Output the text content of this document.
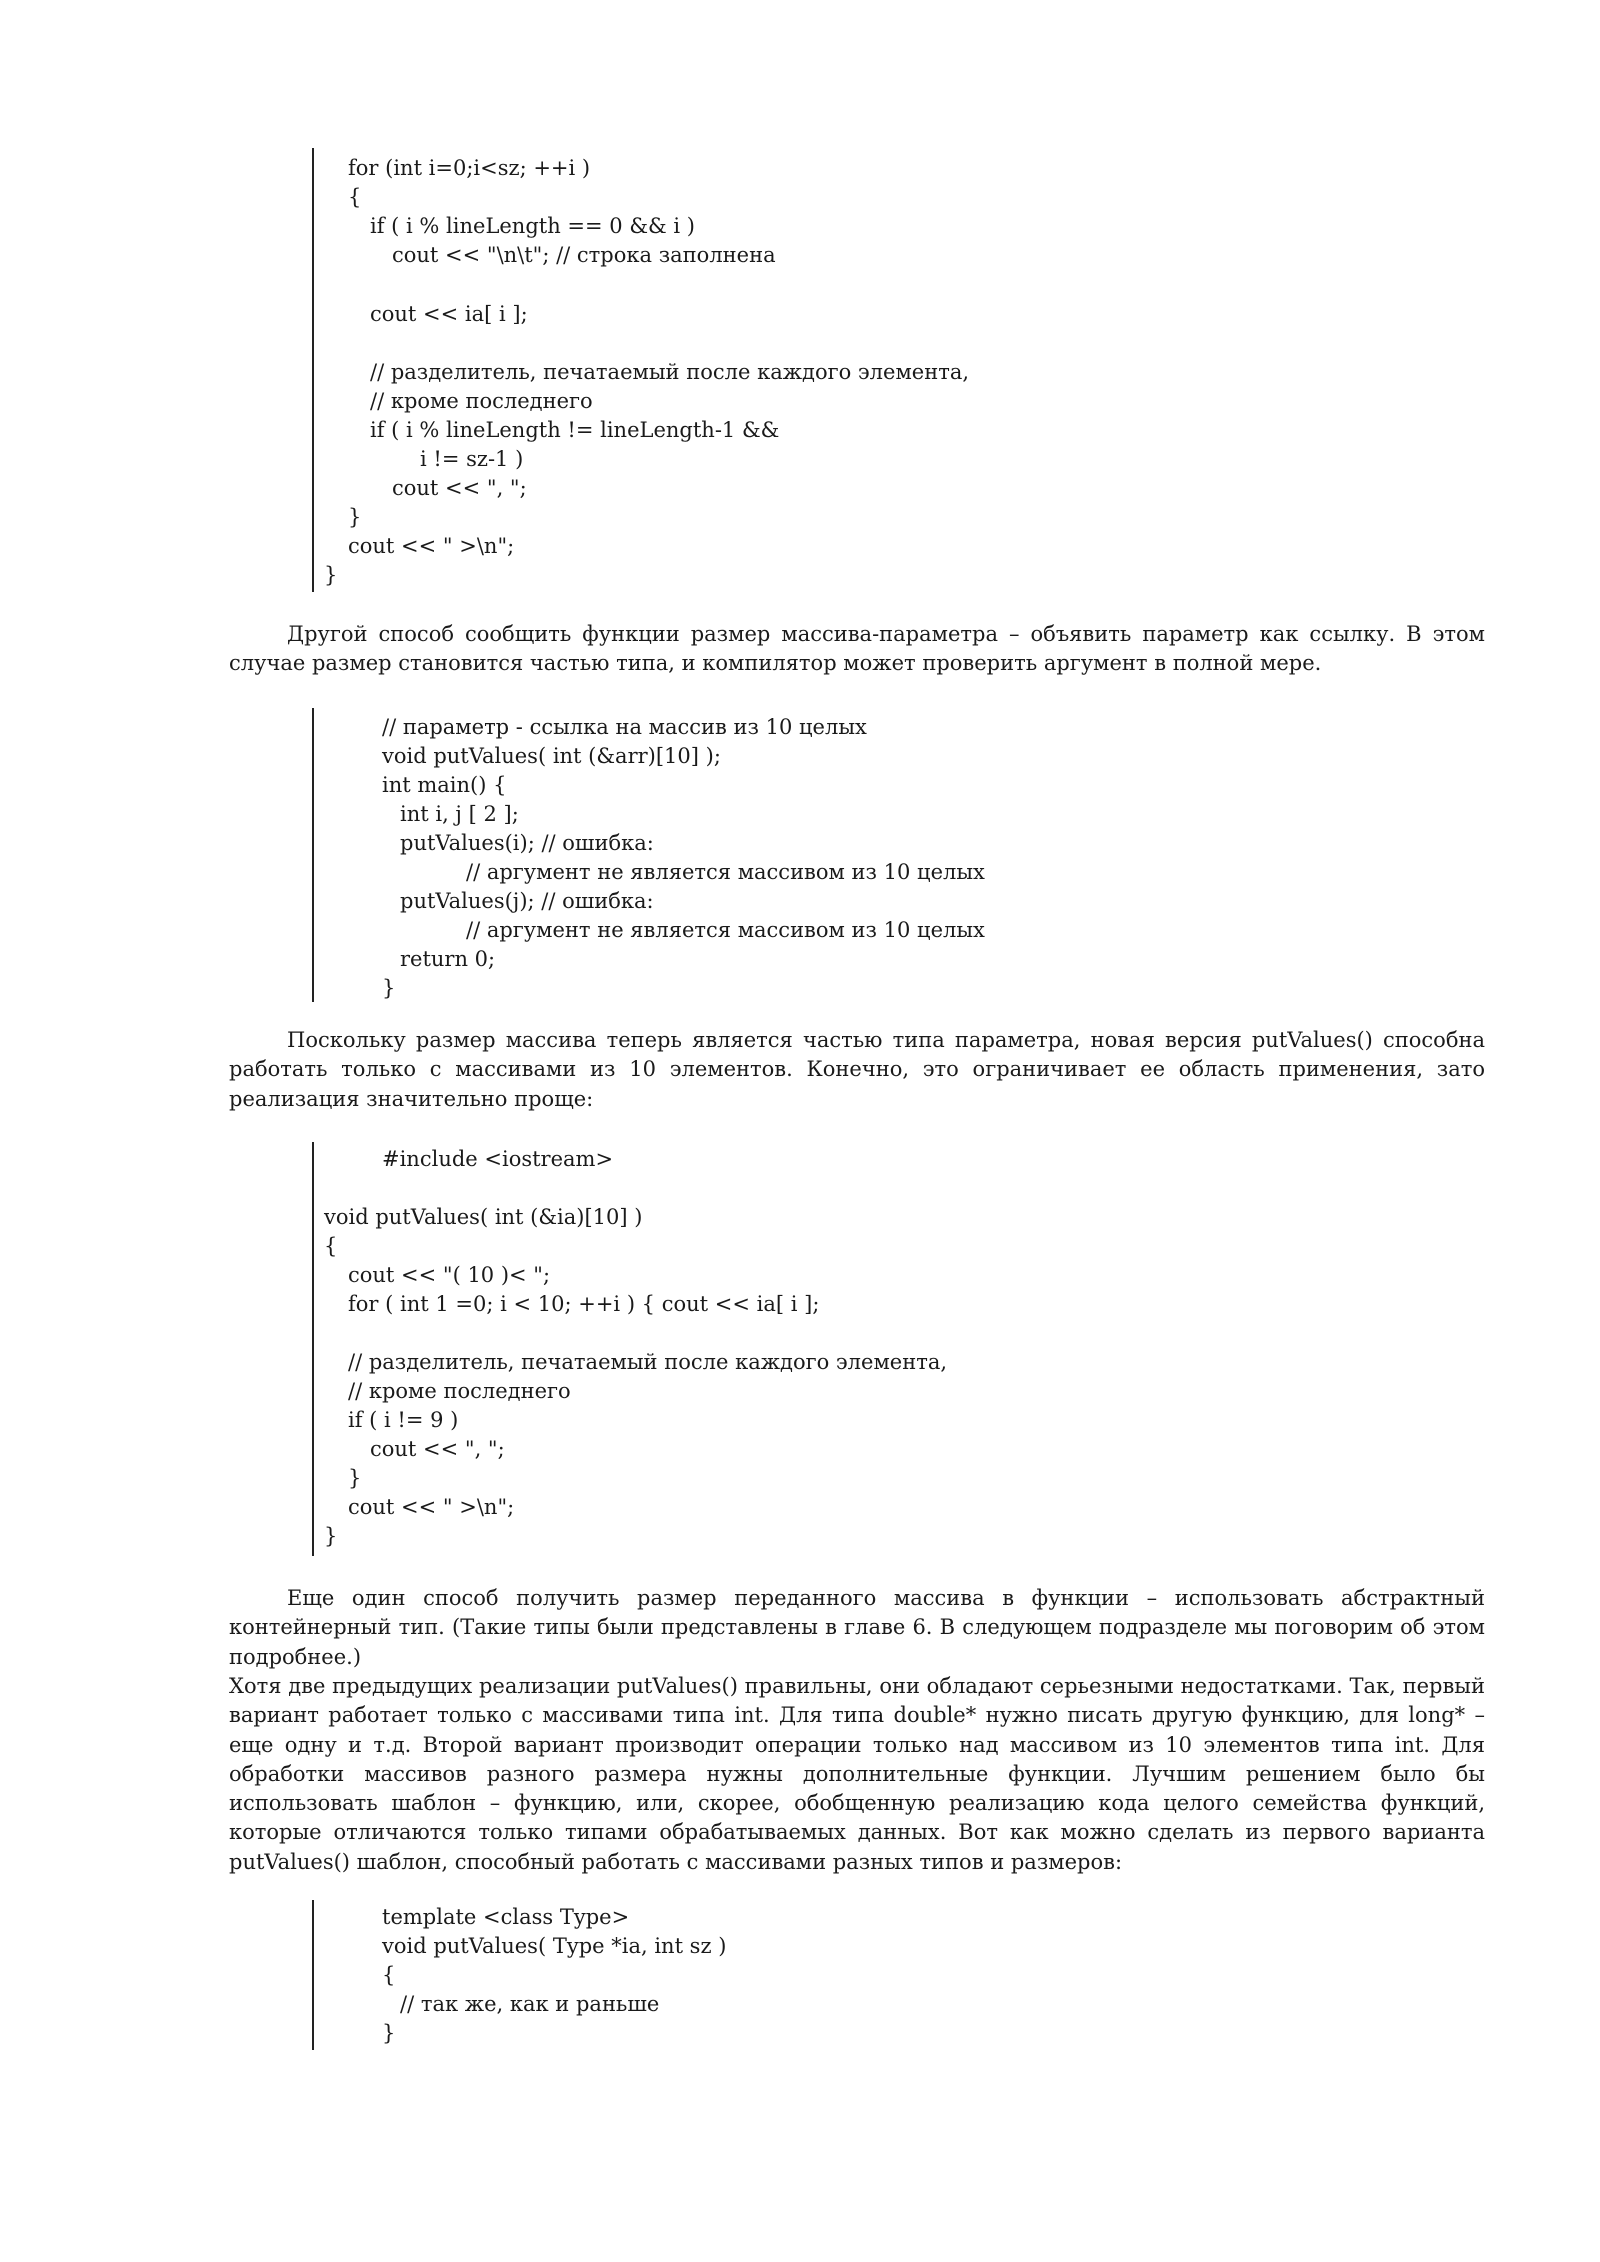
for (int i=0;i<sz; ++i )
{
if ( i % lineLength == 0 && i )
cout << "\n\t"; // строка заполнена
cout << ia[ i ];
// разделитель, печатаемый после каждого элемента,
// кроме последнего
if ( i % lineLength != lineLength-1 &&
i != sz-1 )
cout << ", ";
}
cout << " >\n";
}

Другой способ сообщить функции размер массива-параметра – объявить параметр как ссылку. В этом случае размер становится частью типа, и компилятор может проверить аргумент в полной мере.

// параметр - ссылка на массив из 10 целых
void putValues( int (&arr)[10] );
int main() {
int i, j [ 2 ];
putValues(i); // ошибка:
// аргумент не является массивом из 10 целых
putValues(j); // ошибка:
// аргумент не является массивом из 10 целых
return 0;
}

Поскольку размер массива теперь является частью типа параметра, новая версия putValues() способна работать только с массивами из 10 элементов. Конечно, это ограничивает ее область применения, зато реализация значительно проще:

#include <iostream>
void putValues( int (&ia)[10] )
{
cout << "( 10 )< ";
for ( int 1 =0; i < 10; ++i ) { cout << ia[ i ];
// разделитель, печатаемый после каждого элемента,
// кроме последнего
if ( i != 9 )
cout << ", ";
}
cout << " >\n";
}

Еще один способ получить размер переданного массива в функции – использовать абстрактный контейнерный тип. (Такие типы были представлены в главе 6. В следующем подразделе мы поговорим об этом подробнее.)

Хотя две предыдущих реализации putValues() правильны, они обладают серьезными недостатками. Так, первый вариант работает только с массивами типа int. Для типа double* нужно писать другую функцию, для long* – еще одну и т.д. Второй вариант производит операции только над массивом из 10 элементов типа int. Для обработки массивов разного размера нужны дополнительные функции. Лучшим решением было бы использовать шаблон – функцию, или, скорее, обобщенную реализацию кода целого семейства функций, которые отличаются только типами обрабатываемых данных. Вот как можно сделать из первого варианта putValues() шаблон, способный работать с массивами разных типов и размеров:

template <class Type>
void putValues( Type *ia, int sz )
{
// так же, как и раньше
}
